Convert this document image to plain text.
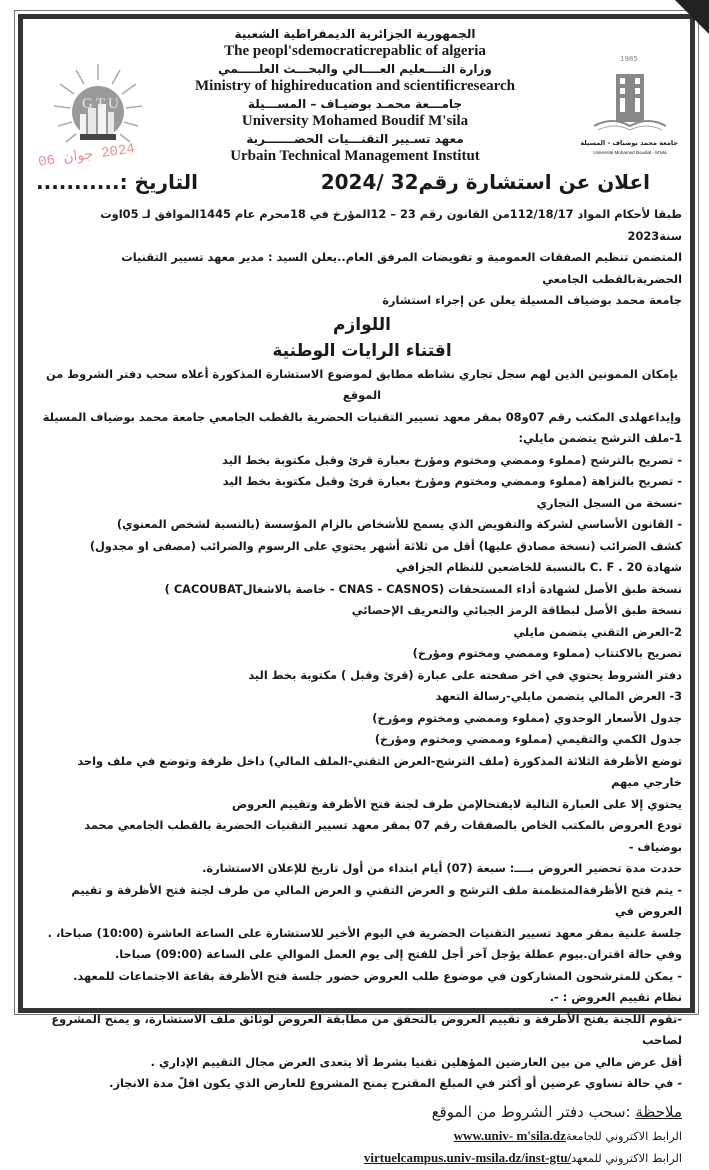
GTU
الجمهورية الجزائرية الديمقراطية الشعبية
The peopl'sdemocraticrepablic of algeria
وزارة التــــعليم العــــالي والبحـــث العلـــــمي
Ministry of highireducation and scientificresearch
جامـــعة محمـد بوضيـاف – المســـيلة
University Mohamed Boudif M'sila
معهد تسـيير التقنـــيات الحضـــــــرية
Urbain Technical Management Institut
1985
جامعة محمد بوضياف - المسيلة
Université Mohamed Boudiaf - M'sila
2024 جوان 06
اعلان عن استشارة رقم32 /2024
التاريخ :...........

طبقا لأحكام المواد 112/18/17من القانون رقم 23 – 12المؤرخ في 18محرم عام 1445الموافق لـ 05اوت سنة2023

المتضمن تنظيم الصفقات العمومية و تفويضات المرفق العام..يعلن السيد : مدير معهد تسيير التقنيات الحضريةبالقطب الجامعي

جامعة محمد بوضياف المسيلة يعلن عن إجراء استشارة

اللوازم

اقتناء الرايات الوطنية

بإمكان الممونين الذين لهم سجل تجاري نشاطه مطابق لموضوع الاستشارة المذكورة أعلاه سحب دفتر الشروط من الموقع

وإيداعهلدى المكتب رقم 07و08 بمقر معهد تسيير التقنيات الحضرية بالقطب الجامعي جامعة محمد بوضياف المسيلة

1-ملف الترشح يتضمن مايلي:

- تصريح بالترشح (مملوء وممضي ومختوم ومؤرخ بعبارة قرئ وقبل مكتوبة بخط اليد

- تصريح بالنزاهة (مملوء وممضي ومختوم ومؤرخ بعبارة قرئ وقبل مكتوبة بخط اليد

-نسخة من السجل التجاري

- القانون الأساسي لشركة والتفويض الذي يسمح للأشخاص بالزام المؤسسة (بالنسبة لشخص المعنوي)

كشف الضرائب (نسخة مصادق عليها) أقل من ثلاثة أشهر يحتوي على الرسوم والضرائب (مصفى او مجدول)

شهادة C. F . 20 بالنسبة للخاضعين للنظام الجزافي

نسخة طبق الأصل لشهادة أداء المستحقات (CNAS - CASNOS - خاصة بالاشغالCACOUBAT )

نسخة طبق الأصل لبطاقة الرمز الجبائي والتعريف الإحصائي

2-العرض التقني يتضمن مايلي

تصريح بالاكتتاب (مملوء وممضي ومختوم ومؤرخ)

دفتر الشروط يحتوي في اخر صفحته على عبارة (قرئ وقبل ) مكتوبة بخط اليد

3- العرض المالي يتضمن مايلي-رسالة التعهد

جدول الأسعار الوحدوي (مملوء وممضي ومختوم ومؤرخ)

جدول الكمي والتقيمي (مملوء وممضي ومختوم ومؤرخ)

توضع الأظرفة الثلاثة المذكورة (ملف الترشح-العرض التقني-الملف المالي) داخل ظرفة وتوضع في ملف واحد خارجي مبهم

يحتوي إلا على العبارة التالية لايفتحالإمن طرف لجنة فتح الأظرفة وتقييم العروض

تودع العروض بالمكتب الخاص بالصفقات رقم 07 بمقر معهد تسيير التقنيات الحضرية بالقطب الجامعي محمد بوضياف -

حددت مدة تحضير العروض بــــ: سبعة (07) أيام ابتداء من أول تاريخ للإعلان الاستشارة.

- يتم فتح الأظرفةالمتظمنة ملف الترشح و العرض التقني و العرض المالي من طرف لجنة فتح الأظرفة و تقييم العروض في

جلسة علنية بمقر معهد تسيير التقنيات الحضرية في اليوم الأخير للاستشارة على الساعة العاشرة (10:00) صباحا، .

وفي حالة اقتران.بيوم عطلة يؤجل آخر أجل للفتح إلى يوم العمل الموالي على الساعة (09:00) صباحا.

- يمكن للمترشحون المشاركون في موضوع طلب العروض حضور جلسة فتح الأظرفة بقاعة الاجتماعات للمعهد.

نظام تقييم العروض : -.

-تقوم اللجنة بفتح الأظرفة و تقييم العروض بالتحقق من مطابقة العروض لوثائق ملف الاستشارة، و يمنح المشروع لصاحب

أقل عرض مالي من بين العارضين المؤهلين تقنيا بشرط ألا يتعدى العرض مجال التقييم الإداري .

- في حالة تساوي عرضين أو أكثر في المبلغ المقترح يمنح المشروع للعارض الذي يكون اقلّ مدة الانجاز.

ملاحظة :سحب دفتر الشروط من الموقع

الرابط الاكتروني للجامعةwww.univ- m'sila.dz

الرابط الاكتروني للمعهدvirtuelcampus.univ-msila.dz/inst-gtu/
